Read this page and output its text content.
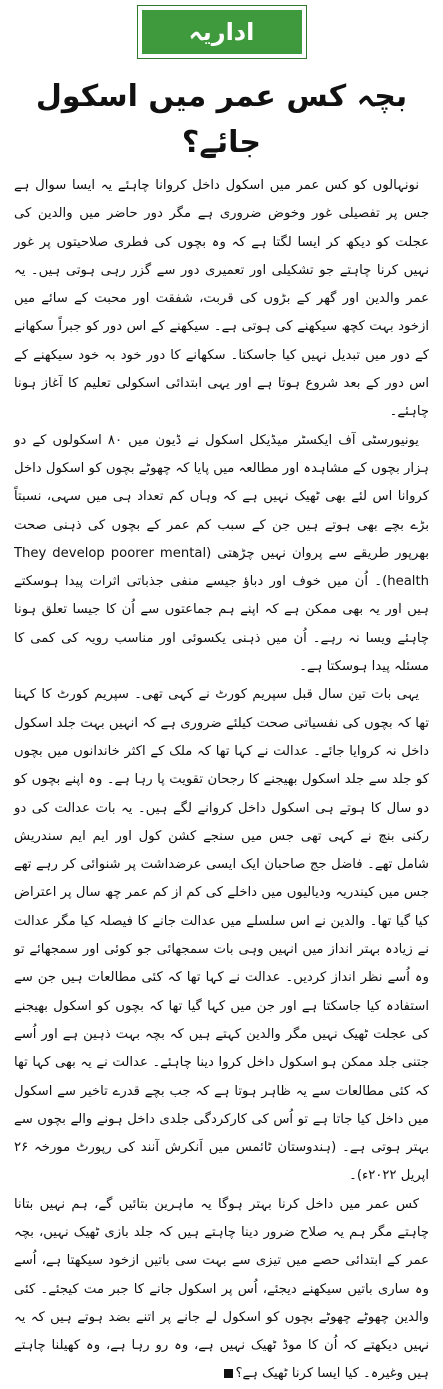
اداریہ
بچہ کس عمر میں اسکول جائے؟

نونہالوں کو کس عمر میں اسکول داخل کروانا چاہئے یہ ایسا سوال ہے جس پر تفصیلی غور وخوض ضروری ہے مگر دور حاضر میں والدین کی عجلت کو دیکھ کر ایسا لگتا ہے کہ وہ بچوں کی فطری صلاحیتوں پر غور نہیں کرنا چاہتے جو تشکیلی اور تعمیری دور سے گزر رہی ہوتی ہیں۔ یہ عمر والدین اور گھر کے بڑوں کی قربت، شفقت اور محبت کے سائے میں ازخود بہت کچھ سیکھنے کی ہوتی ہے۔ سیکھنے کے اس دور کو جبراً سکھانے کے دور میں تبدیل نہیں کیا جاسکتا۔ سکھانے کا دور خود بہ خود سیکھنے کے اس دور کے بعد شروع ہوتا ہے اور یہی ابتدائی اسکولی تعلیم کا آغاز ہونا چاہئے۔

یونیورسٹی آف ایکسٹر میڈیکل اسکول نے ڈیون میں ۸۰ اسکولوں کے دو ہزار بچوں کے مشاہدہ اور مطالعہ میں پایا کہ چھوٹے بچوں کو اسکول داخل کروانا اس لئے بھی ٹھیک نہیں ہے کہ وہاں کم تعداد ہی میں سہی، نسبتاً بڑے بچے بھی ہوتے ہیں جن کے سبب کم عمر کے بچوں کی ذہنی صحت بھرپور طریقے سے پروان نہیں چڑھتی (They develop poorer mental health)۔ اُن میں خوف اور دباؤ جیسے منفی جذباتی اثرات پیدا ہوسکتے ہیں اور یہ بھی ممکن ہے کہ اپنے ہم جماعتوں سے اُن کا جیسا تعلق ہونا چاہئے ویسا نہ رہے۔ اُن میں ذہنی یکسوئی اور مناسب رویہ کی کمی کا مسئلہ پیدا ہوسکتا ہے۔

یہی بات تین سال قبل سپریم کورٹ نے کہی تھی۔ سپریم کورٹ کا کہنا تھا کہ بچوں کی نفسیاتی صحت کیلئے ضروری ہے کہ انہیں بہت جلد اسکول داخل نہ کروایا جائے۔ عدالت نے کہا تھا کہ ملک کے اکثر خاندانوں میں بچوں کو جلد سے جلد اسکول بھیجنے کا رجحان تقویت پا رہا ہے۔ وہ اپنے بچوں کو دو سال کا ہوتے ہی اسکول داخل کروانے لگے ہیں۔ یہ بات عدالت کی دو رکنی بنچ نے کہی تھی جس میں سنجے کشن کول اور ایم ایم سندریش شامل تھے۔ فاضل جج صاحبان ایک ایسی عرضداشت پر شنوائی کر رہے تھے جس میں کیندریہ ودیالیوں میں داخلے کی کم از کم عمر چھ سال پر اعتراض کیا گیا تھا۔ والدین نے اس سلسلے میں عدالت جانے کا فیصلہ کیا مگر عدالت نے زیادہ بہتر انداز میں انہیں وہی بات سمجھائی جو کوئی اور سمجھائے تو وہ اُسے نظر انداز کردیں۔ عدالت نے کہا تھا کہ کئی مطالعات ہیں جن سے استفادہ کیا جاسکتا ہے اور جن میں کہا گیا تھا کہ بچوں کو اسکول بھیجنے کی عجلت ٹھیک نہیں مگر والدین کہتے ہیں کہ بچہ بہت ذہین ہے اور اُسے جتنی جلد ممکن ہو اسکول داخل کروا دینا چاہئے۔ عدالت نے یہ بھی کہا تھا کہ کئی مطالعات سے یہ ظاہر ہوتا ہے کہ جب بچے قدرے تاخیر سے اسکول میں داخل کیا جاتا ہے تو اُس کی کارکردگی جلدی داخل ہونے والے بچوں سے بہتر ہوتی ہے۔ (ہندوستان ٹائمس میں اَنکرش آنند کی رپورٹ مورخہ ۲۶ اپریل ۲۰۲۲ء)۔

کس عمر میں داخل کرنا بہتر ہوگا یہ ماہرین بتائیں گے، ہم نہیں بتانا چاہتے مگر ہم یہ صلاح ضرور دینا چاہتے ہیں کہ جلد بازی ٹھیک نہیں، بچہ عمر کے ابتدائی حصے میں تیزی سے بہت سی باتیں ازخود سیکھتا ہے، اُسے وہ ساری باتیں سیکھنے دیجئے، اُس پر اسکول جانے کا جبر مت کیجئے۔ کئی والدین چھوٹے چھوٹے بچوں کو اسکول لے جانے پر اتنے بضد ہوتے ہیں کہ یہ نہیں دیکھتے کہ اُن کا موڈ ٹھیک نہیں ہے، وہ رو رہا ہے، وہ کھیلنا چاہتے ہیں وغیرہ۔ کیا ایسا کرنا ٹھیک ہے؟
